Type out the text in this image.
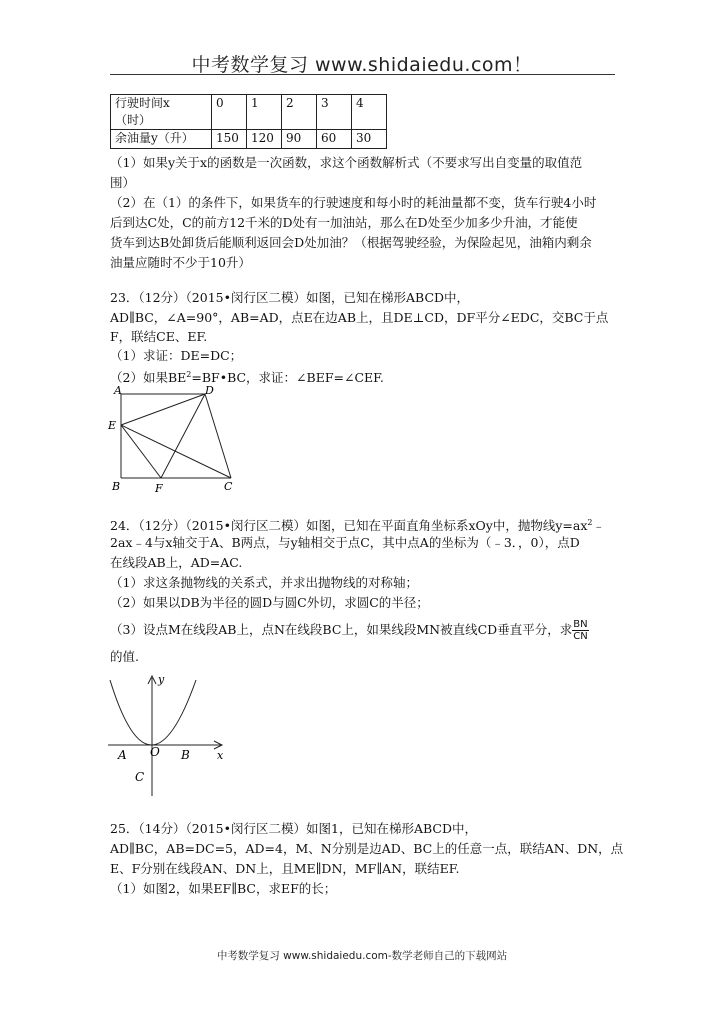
中考数学复习 www.shidaiedu.com！
行驶时间x
（时）	0	1	2	3	4
余油量y（升）	150	120	90	60	30
（1）如果y关于x的函数是一次函数，求这个函数解析式（不要求写出自变量的取值范
围）
（2）在（1）的条件下，如果货车的行驶速度和每小时的耗油量都不变，货车行驶4小时
后到达C处，C的前方12千米的D处有一加油站，那么在D处至少加多少升油，才能使
货车到达B处卸货后能顺利返回会D处加油？（根据驾驶经验，为保险起见，油箱内剩余
油量应随时不少于10升）
23．（12分）（2015•闵行区二模）如图，已知在梯形ABCD中，
AD∥BC，∠A=90°，AB=AD，点E在边AB上，且DE⊥CD，DF平分∠EDC，交BC于点
F，联结CE、EF.
（1）求证：DE=DC；
（2）如果$BE^2=BF•BC$，求证：∠BEF=∠CEF.
A	D
E
B	F	C
24．（12分）（2015•闵行区二模）如图，已知在平面直角坐标系xOy中，抛物线$y=ax^2﹣$
2ax﹣4与x轴交于A、B两点，与y轴相交于点C，其中点A的坐标为（﹣3．，0），点D
在线段AB上，AD=AC.
（1）求这条抛物线的关系式，并求出抛物线的对称轴；
（2）如果以DB为半径的圆D与圆C外切，求圆C的半径；
（3）设点M在线段AB上，点N在线段BC上，如果线段MN被直线CD垂直平分，求 $\frac{BN}{CN}$
的值.
y
x
A O B
C
25．（14分）（2015•闵行区二模）如图1，已知在梯形ABCD中，
AD∥BC，AB=DC=5，AD=4，M、N分别是边AD、BC上的任意一点，联结AN、DN，点
E、F分别在线段AN、DN上，且ME∥DN，MF∥AN，联结EF.
（1）如图2，如果EF∥BC，求EF的长；
中考数学复习 www.shidaiedu.com-数学老师自己的下载网站
